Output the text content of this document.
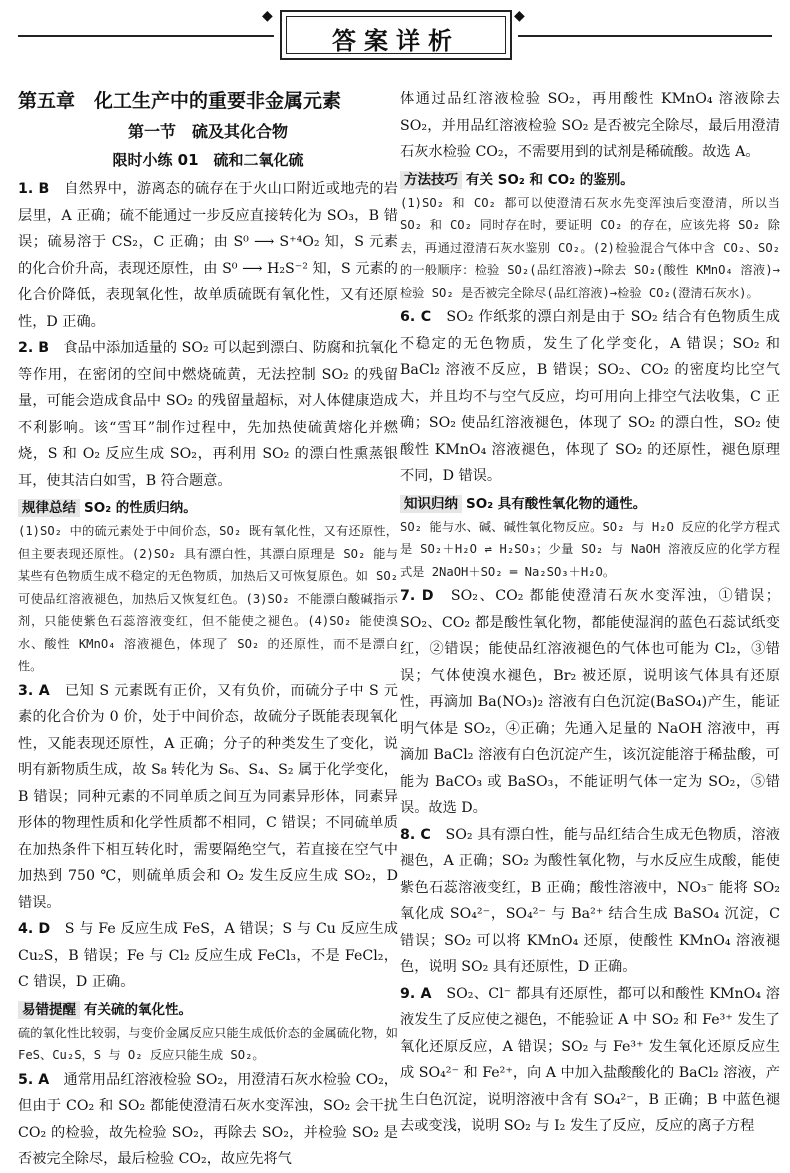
◆	◆
答案详析

第五章　化工生产中的重要非金属元素

第一节　硫及其化合物

限时小练 01　硫和二氧化硫

1. B　 自然界中，游离态的硫存在于火山口附近或地壳的岩层里，A 正确；硫不能通过一步反应直接转化为 SO₃，B 错误；硫易溶于 CS₂，C 正确；由 S⁰ ⟶ S⁺⁴O₂ 知，S 元素的化合价升高，表现还原性，由 S⁰ ⟶ H₂S⁻² 知，S 元素的化合价降低，表现氧化性，故单质硫既有氧化性，又有还原性，D 正确。

2. B　 食品中添加适量的 SO₂ 可以起到漂白、防腐和抗氧化等作用，在密闭的空间中燃烧硫黄，无法控制 SO₂ 的残留量，可能会造成食品中 SO₂ 的残留量超标，对人体健康造成不利影响。该“雪耳”制作过程中，先加热使硫黄熔化并燃烧，S 和 O₂ 反应生成 SO₂，再利用 SO₂ 的漂白性熏蒸银耳，使其洁白如雪，B 符合题意。

规律总结 SO₂ 的性质归纳。

(1)SO₂ 中的硫元素处于中间价态，SO₂ 既有氧化性，又有还原性，但主要表现还原性。(2)SO₂ 具有漂白性，其漂白原理是 SO₂ 能与某些有色物质生成不稳定的无色物质，加热后又可恢复原色。如 SO₂ 可使品红溶液褪色，加热后又恢复红色。(3)SO₂ 不能漂白酸碱指示剂，只能使紫色石蕊溶液变红，但不能使之褪色。(4)SO₂ 能使溴水、酸性 KMnO₄ 溶液褪色，体现了 SO₂ 的还原性，而不是漂白性。

3. A　 已知 S 元素既有正价，又有负价，而硫分子中 S 元素的化合价为 0 价，处于中间价态，故硫分子既能表现氧化性，又能表现还原性，A 正确；分子的种类发生了变化，说明有新物质生成，故 S₈ 转化为 S₆、S₄、S₂ 属于化学变化，B 错误；同种元素的不同单质之间互为同素异形体，同素异形体的物理性质和化学性质都不相同，C 错误；不同硫单质在加热条件下相互转化时，需要隔绝空气，若直接在空气中加热到 750 ℃，则硫单质会和 O₂ 发生反应生成 SO₂，D 错误。

4. D　 S 与 Fe 反应生成 FeS，A 错误；S 与 Cu 反应生成 Cu₂S，B 错误；Fe 与 Cl₂ 反应生成 FeCl₃，不是 FeCl₂，C 错误，D 正确。

易错提醒 有关硫的氧化性。

硫的氧化性比较弱，与变价金属反应只能生成低价态的金属硫化物，如 FeS、Cu₂S，S 与 O₂ 反应只能生成 SO₂。

5. A　 通常用品红溶液检验 SO₂，用澄清石灰水检验 CO₂，但由于 CO₂ 和 SO₂ 都能使澄清石灰水变浑浊，SO₂ 会干扰 CO₂ 的检验，故先检验 SO₂，再除去 SO₂，并检验 SO₂ 是否被完全除尽，最后检验 CO₂，故应先将气

体通过品红溶液检验 SO₂，再用酸性 KMnO₄ 溶液除去 SO₂，并用品红溶液检验 SO₂ 是否被完全除尽，最后用澄清石灰水检验 CO₂，不需要用到的试剂是稀硫酸。故选 A。

方法技巧 有关 SO₂ 和 CO₂ 的鉴别。

(1)SO₂ 和 CO₂ 都可以使澄清石灰水先变浑浊后变澄清，所以当 SO₂ 和 CO₂ 同时存在时，要证明 CO₂ 的存在，应该先将 SO₂ 除去，再通过澄清石灰水鉴别 CO₂。(2)检验混合气体中含 CO₂、SO₂ 的一般顺序：检验 SO₂(品红溶液)→除去 SO₂(酸性 KMnO₄ 溶液)→检验 SO₂ 是否被完全除尽(品红溶液)→检验 CO₂(澄清石灰水)。

6. C　 SO₂ 作纸浆的漂白剂是由于 SO₂ 结合有色物质生成不稳定的无色物质，发生了化学变化，A 错误；SO₂ 和 BaCl₂ 溶液不反应，B 错误；SO₂、CO₂ 的密度均比空气大，并且均不与空气反应，均可用向上排空气法收集，C 正确；SO₂ 使品红溶液褪色，体现了 SO₂ 的漂白性，SO₂ 使酸性 KMnO₄ 溶液褪色，体现了 SO₂ 的还原性，褪色原理不同，D 错误。

知识归纳 SO₂ 具有酸性氧化物的通性。

SO₂ 能与水、碱、碱性氧化物反应。SO₂ 与 H₂O 反应的化学方程式是 SO₂＋H₂O ⇌ H₂SO₃；少量 SO₂ 与 NaOH 溶液反应的化学方程式是 2NaOH＋SO₂ ═ Na₂SO₃＋H₂O。

7. D　 SO₂、CO₂ 都能使澄清石灰水变浑浊，①错误；SO₂、CO₂ 都是酸性氧化物，都能使湿润的蓝色石蕊试纸变红，②错误；能使品红溶液褪色的气体也可能为 Cl₂，③错误；气体使溴水褪色，Br₂ 被还原，说明该气体具有还原性，再滴加 Ba(NO₃)₂ 溶液有白色沉淀(BaSO₄)产生，能证明气体是 SO₂，④正确；先通入足量的 NaOH 溶液中，再滴加 BaCl₂ 溶液有白色沉淀产生，该沉淀能溶于稀盐酸，可能为 BaCO₃ 或 BaSO₃，不能证明气体一定为 SO₂，⑤错误。故选 D。

8. C　 SO₂ 具有漂白性，能与品红结合生成无色物质，溶液褪色，A 正确；SO₂ 为酸性氧化物，与水反应生成酸，能使紫色石蕊溶液变红，B 正确；酸性溶液中，NO₃⁻ 能将 SO₂ 氧化成 SO₄²⁻，SO₄²⁻ 与 Ba²⁺ 结合生成 BaSO₄ 沉淀，C 错误；SO₂ 可以将 KMnO₄ 还原，使酸性 KMnO₄ 溶液褪色，说明 SO₂ 具有还原性，D 正确。

9. A　 SO₂、Cl⁻ 都具有还原性，都可以和酸性 KMnO₄ 溶液发生了反应使之褪色，不能验证 A 中 SO₂ 和 Fe³⁺ 发生了氧化还原反应，A 错误；SO₂ 与 Fe³⁺ 发生氧化还原反应生成 SO₄²⁻ 和 Fe²⁺，向 A 中加入盐酸酸化的 BaCl₂ 溶液，产生白色沉淀，说明溶液中含有 SO₄²⁻，B 正确；B 中蓝色褪去或变浅，说明 SO₂ 与 I₂ 发生了反应，反应的离子方程
